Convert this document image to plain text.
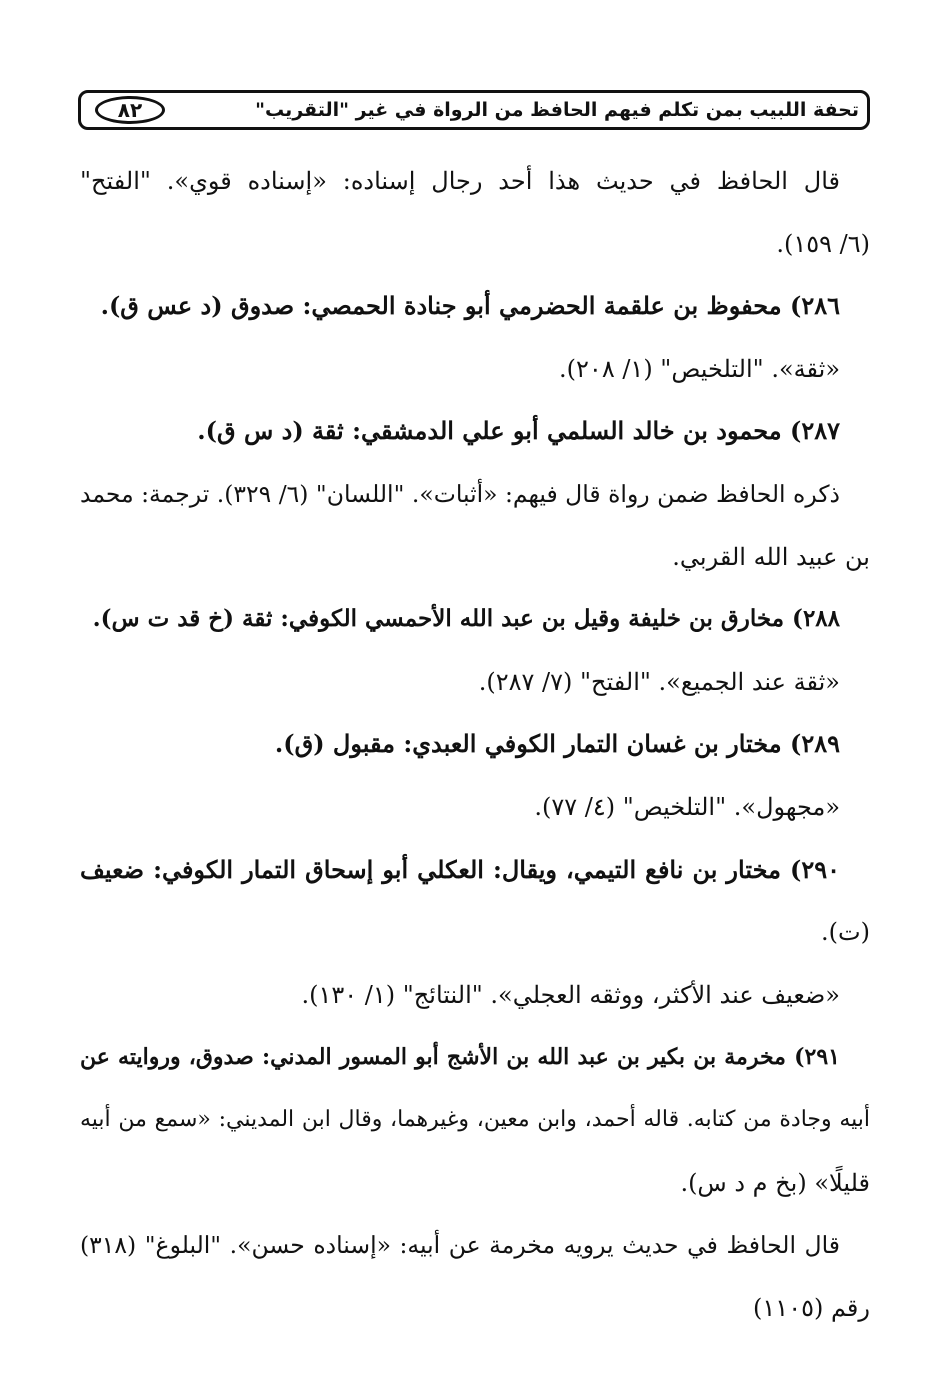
تحفة اللبيب بمن تكلم فيهم الحافظ من الرواة في غير "التقريب"
٨٢
قال الحافظ في حديث هذا أحد رجال إسناده: «إسناده قوي». "الفتح"
(٦/ ١٥٩).
٢٨٦) محفوظ بن علقمة الحضرمي أبو جنادة الحمصي: صدوق (د عس ق).
«ثقة». "التلخيص" (١/ ٢٠٨).
٢٨٧) محمود بن خالد السلمي أبو علي الدمشقي: ثقة (د س ق).
ذكره الحافظ ضمن رواة قال فيهم: «أثبات». "اللسان" (٦/ ٣٢٩). ترجمة: محمد
بن عبيد الله القربي.
٢٨٨) مخارق بن خليفة وقيل بن عبد الله الأحمسي الكوفي: ثقة (خ قد ت س).
«ثقة عند الجميع». "الفتح" (٧/ ٢٨٧).
٢٨٩) مختار بن غسان التمار الكوفي العبدي: مقبول (ق).
«مجهول». "التلخيص" (٤/ ٧٧).
٢٩٠) مختار بن نافع التيمي، ويقال: العكلي أبو إسحاق التمار الكوفي: ضعيف
(ت).
«ضعيف عند الأكثر، ووثقه العجلي». "النتائج" (١/ ١٣٠).
٢٩١) مخرمة بن بكير بن عبد الله بن الأشج أبو المسور المدني: صدوق، وروايته عن
أبيه وجادة من كتابه. قاله أحمد، وابن معين، وغيرهما، وقال ابن المديني: «سمع من أبيه
قليلًا» (بخ م د س).
قال الحافظ في حديث يرويه مخرمة عن أبيه: «إسناده حسن». "البلوغ" (٣١٨)
رقم (١١٠٥)
